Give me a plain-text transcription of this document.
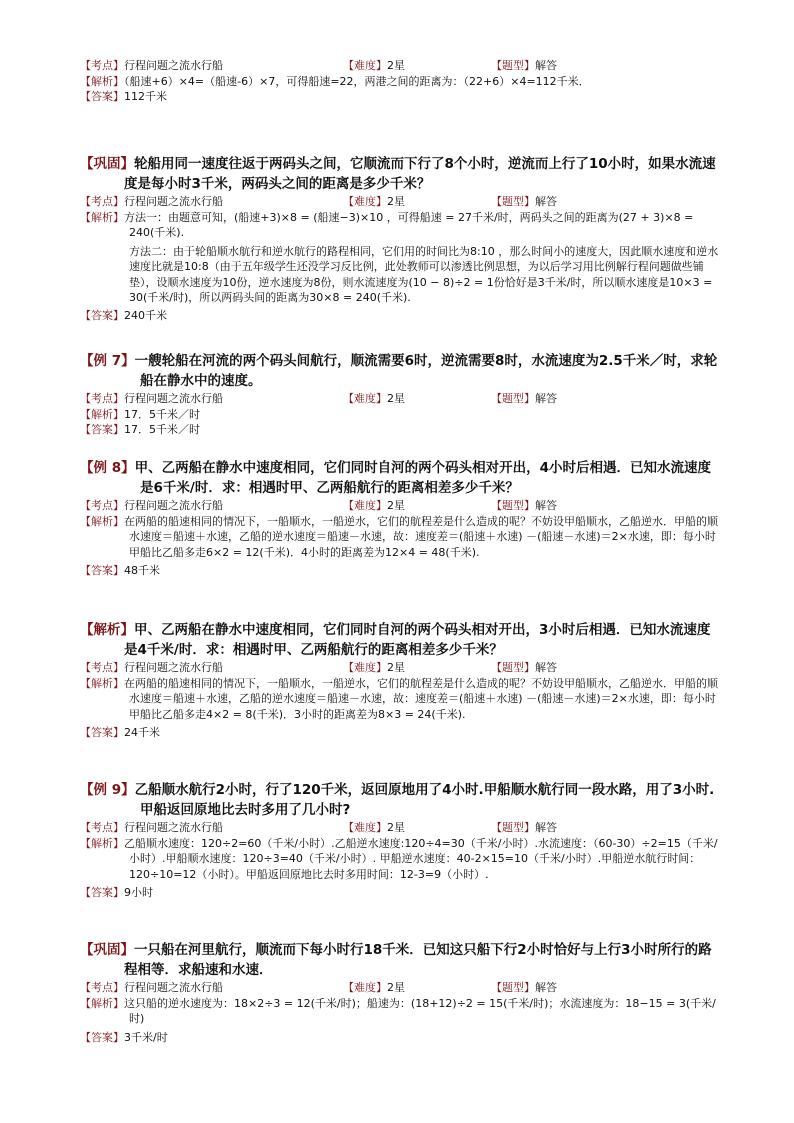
【考点】行程问题之流水行船	【难度】2星	【题型】解答
【解析】（船速+6）×4=（船速-6）×7，可得船速=22，两港之间的距离为：（22+6）×4=112千米．
【答案】112千米
【巩固】轮船用同一速度往返于两码头之间，它顺流而下行了8个小时，逆流而上行了10小时，如果水流速度是每小时3千米，两码头之间的距离是多少千米？
【考点】行程问题之流水行船	【难度】2星	【题型】解答
【解析】方法一：由题意可知，(船速+3)×8 = (船速−3)×10 ，可得船速 = 27千米/时，两码头之间的距离为(27 + 3)×8 = 240(千米).
方法二：由于轮船顺水航行和逆水航行的路程相同，它们用的时间比为8:10 ，那么时间小的速度大，因此顺水速度和逆水速度比就是10:8（由于五年级学生还没学习反比例，此处教师可以渗透比例思想，为以后学习用比例解行程问题做些铺垫），设顺水速度为10份，逆水速度为8份，则水流速度为(10 − 8)÷2 = 1份恰好是3千米/时，所以顺水速度是10×3 = 30(千米/时)，所以两码头间的距离为30×8 = 240(千米).
【答案】240千米
【例 7】一艘轮船在河流的两个码头间航行，顺流需要6时，逆流需要8时，水流速度为2.5千米／时，求轮船在静水中的速度。
【考点】行程问题之流水行船	【难度】2星	【题型】解答
【解析】17．5千米／时
【答案】17．5千米／时
【例 8】甲、乙两船在静水中速度相同，它们同时自河的两个码头相对开出，4小时后相遇．已知水流速度是6千米/时．求：相遇时甲、乙两船航行的距离相差多少千米？
【考点】行程问题之流水行船	【难度】2星	【题型】解答
【解析】在两船的船速相同的情况下，一船顺水，一船逆水，它们的航程差是什么造成的呢？不妨设甲船顺水，乙船逆水．甲船的顺水速度＝船速＋水速，乙船的逆水速度＝船速－水速，故：速度差＝(船速＋水速) －(船速－水速)＝2×水速，即：每小时甲船比乙船多走6×2 = 12(千米)．4小时的距离差为12×4 = 48(千米).
【答案】48千米
【解析】甲、乙两船在静水中速度相同，它们同时自河的两个码头相对开出，3小时后相遇．已知水流速度是4千米/时．求：相遇时甲、乙两船航行的距离相差多少千米？
【考点】行程问题之流水行船	【难度】2星	【题型】解答
【解析】在两船的船速相同的情况下，一船顺水，一船逆水，它们的航程差是什么造成的呢？不妨设甲船顺水，乙船逆水．甲船的顺水速度＝船速＋水速，乙船的逆水速度＝船速－水速，故：速度差＝(船速＋水速) －(船速－水速)＝2×水速，即：每小时甲船比乙船多走4×2 = 8(千米)．3小时的距离差为8×3 = 24(千米).
【答案】24千米
【例 9】乙船顺水航行2小时，行了120千米，返回原地用了4小时.甲船顺水航行同一段水路，用了3小时.甲船返回原地比去时多用了几小时?
【考点】行程问题之流水行船	【难度】2星	【题型】解答
【解析】乙船顺水速度：120÷2=60（千米/小时）.乙船逆水速度:120÷4=30（千米/小时）.水流速度：（60-30）÷2=15（千米/小时）.甲船顺水速度：120÷3=40（千米/小时）. 甲船逆水速度：40-2×15=10（千米/小时）.甲船逆水航行时间：120÷10=12（小时）。甲船返回原地比去时多用时间：12-3=9（小时）.
【答案】9小时
【巩固】一只船在河里航行，顺流而下每小时行18千米．已知这只船下行2小时恰好与上行3小时所行的路程相等．求船速和水速．
【考点】行程问题之流水行船	【难度】2星	【题型】解答
【解析】这只船的逆水速度为：18×2÷3 = 12(千米/时)；船速为：(18+12)÷2 = 15(千米/时)；水流速度为：18−15 = 3(千米/时)
【答案】3千米/时
